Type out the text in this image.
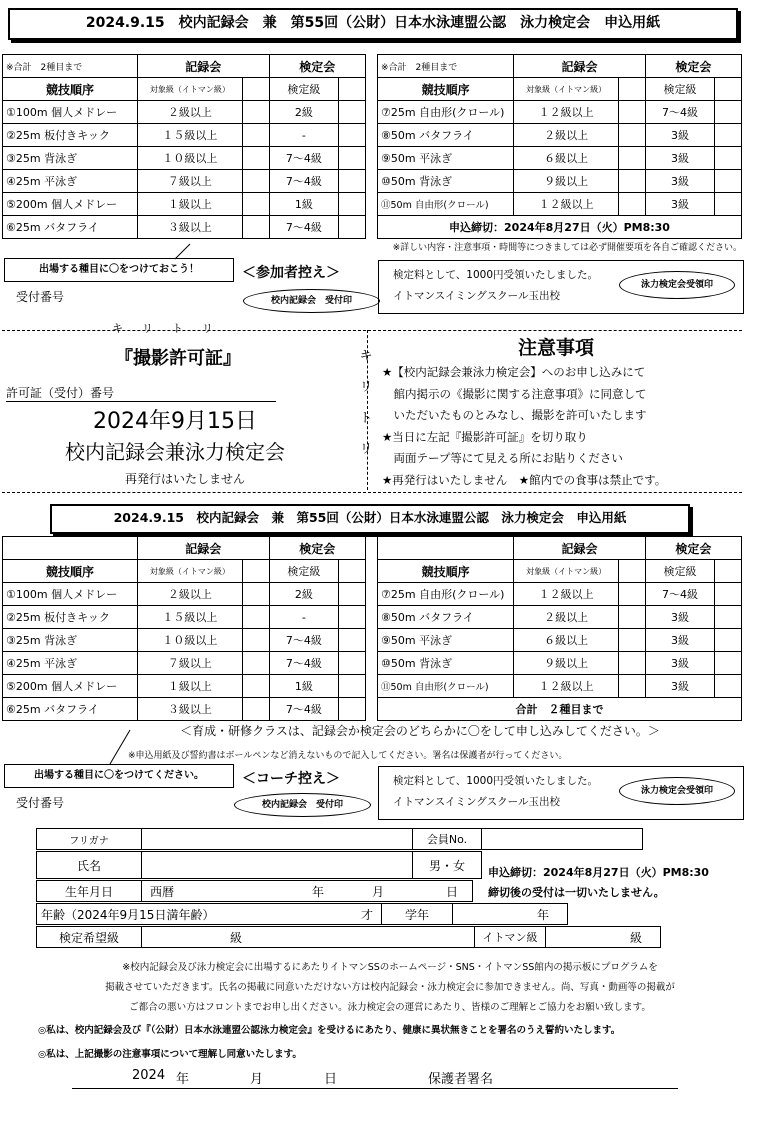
2024.9.15　校内記録会　兼　第55回（公財）日本水泳連盟公認　泳力検定会　申込用紙
※合計　2種目まで	記録会		検定会	
競技順序	対象級（イトマン級）		検定級	
①100m 個人メドレー	２級以上		2級	
②25m 板付きキック	１５級以上		-	
③25m 背泳ぎ	１０級以上		7～4級	
④25m 平泳ぎ	７級以上		7～4級	
⑤200m 個人メドレー	１級以上		1級	
⑥25m バタフライ	３級以上		7～4級	
※合計　2種目まで	記録会		検定会	
競技順序	対象級（イトマン級）		検定級	
⑦25m 自由形(クロール)	１２級以上		7～4級	
⑧50m バタフライ	２級以上		3級	
⑨50m 平泳ぎ	６級以上		3級	
⑩50m 背泳ぎ	９級以上		3級	
⑪50m 自由形(クロール)	１２級以上		3級	
申込締切：2024年8月27日（火）PM8:30				
※詳しい内容・注意事項・時間等につきましては必ず開催要項を各自ご確認ください。
出場する種目に〇をつけておこう！	＜参加者控え＞
受付番号	校内記録会　受付印
検定料として、1000円受領いたしました。
イトマンスイミングスクール玉出校
泳力検定会受領印
キ　リ　ト　リ
キ
リ
ト
リ
『撮影許可証』
許可証（受付）番号
2024年9月15日
校内記録会兼泳力検定会
再発行はいたしません
注意事項
★【校内記録会兼泳力検定会】へのお申し込みにて
　館内掲示の《撮影に関する注意事項》に同意して
　いただいたものとみなし、撮影を許可いたします
★当日に左記『撮影許可証』を切り取り
　両面テープ等にて見える所にお貼りください
★再発行はいたしません　★館内での食事は禁止です。
2024.9.15　校内記録会　兼　第55回（公財）日本水泳連盟公認　泳力検定会　申込用紙
	記録会		検定会	
競技順序	対象級（イトマン級）		検定級	
①100m 個人メドレー	２級以上		2級	
②25m 板付きキック	１５級以上		-	
③25m 背泳ぎ	１０級以上		7～4級	
④25m 平泳ぎ	７級以上		7～4級	
⑤200m 個人メドレー	１級以上		1級	
⑥25m バタフライ	３級以上		7～4級	
	記録会		検定会	
競技順序	対象級（イトマン級）		検定級	
⑦25m 自由形(クロール)	１２級以上		7～4級	
⑧50m バタフライ	２級以上		3級	
⑨50m 平泳ぎ	６級以上		3級	
⑩50m 背泳ぎ	９級以上		3級	
⑪50m 自由形(クロール)	１２級以上		3級	
合計　２種目まで				
＜育成・研修クラスは、記録会か検定会のどちらかに〇をして申し込みしてください。＞
※申込用紙及び誓約書はボールペンなど消えないもので記入してください。署名は保護者が行ってください。
出場する種目に〇をつけてください。	＜コーチ控え＞
受付番号	校内記録会　受付印
検定料として、1000円受領いたしました。
イトマンスイミングスクール玉出校
泳力検定会受領印
フリガナ		会員No.	
氏名		男・女 申込締切：2024年8月27日（火）PM8:30
生年月日	西暦	年	月	日	締切後の受付は一切いたしません。
年齢（2024年9月15日満年齢）	才	学年	年
検定希望級	級	イトマン級	級
※校内記録会及び泳力検定会に出場するにあたりイトマンSSのホームページ・SNS・イトマンSS館内の掲示板にプログラムを
掲載させていただきます。氏名の掲載に同意いただけない方は校内記録会・泳力検定会に参加できません。尚、写真・動画等の掲載が
ご都合の悪い方はフロントまでお申し出ください。泳力検定会の運営にあたり、皆様のご理解とご協力をお願い致します。
◎私は、校内記録会及び『（公財）日本水泳連盟公認泳力検定会』を受けるにあたり、健康に異状無きことを署名のうえ誓約いたします。
◎私は、上記撮影の注意事項について理解し同意いたします。
2024 年	月	日	保護者署名
